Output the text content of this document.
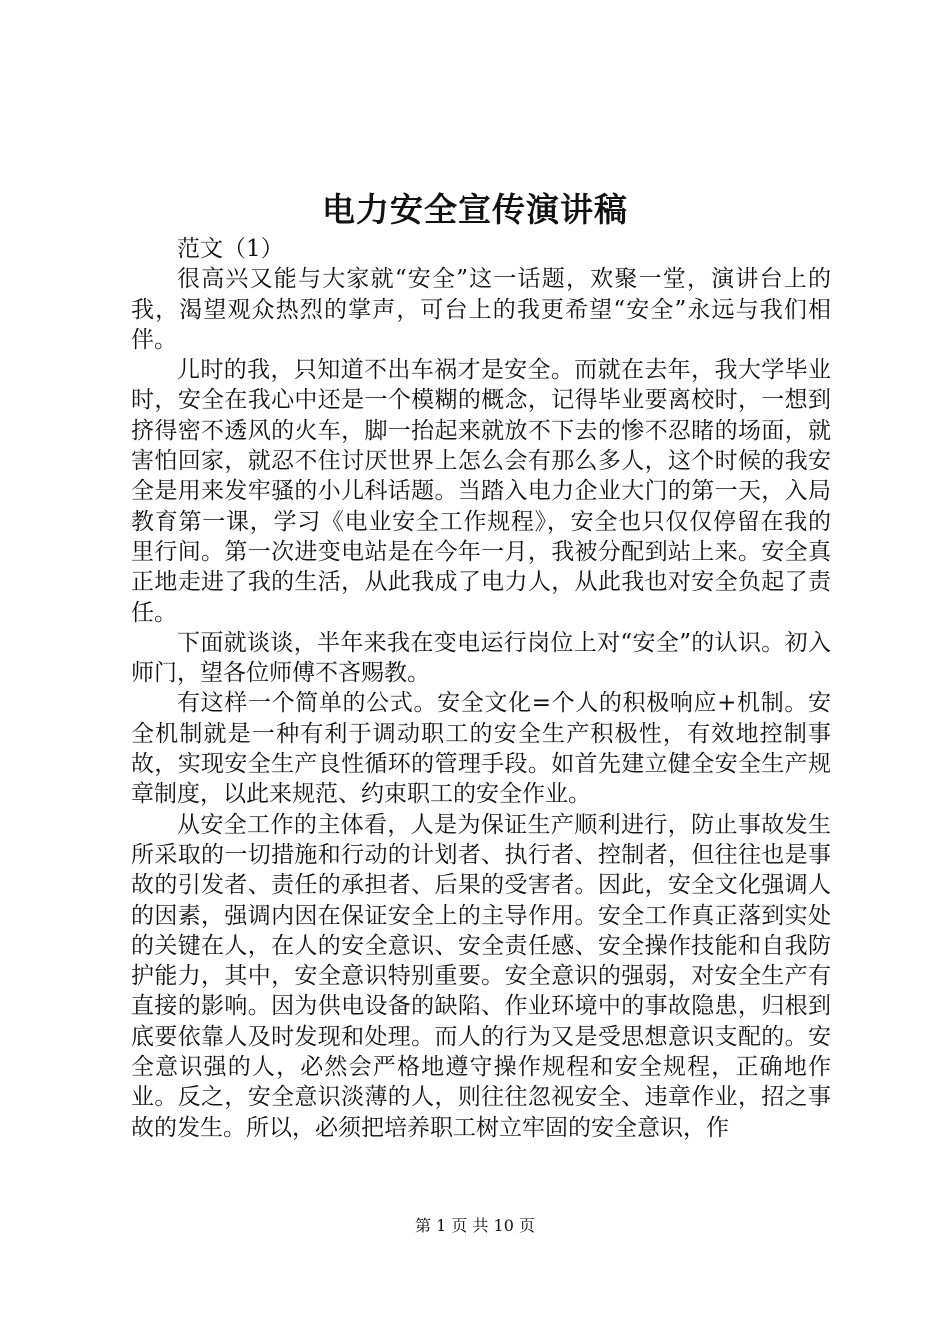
电力安全宣传演讲稿

范文（1）

很高兴又能与大家就“安全”这一话题，欢聚一堂，演讲台上的我，渴望观众热烈的掌声，可台上的我更希望“安全”永远与我们相伴。

儿时的我，只知道不出车祸才是安全。而就在去年，我大学毕业时，安全在我心中还是一个模糊的概念，记得毕业要离校时，一想到挤得密不透风的火车，脚一抬起来就放不下去的惨不忍睹的场面，就害怕回家，就忍不住讨厌世界上怎么会有那么多人，这个时候的我安全是用来发牢骚的小儿科话题。当踏入电力企业大门的第一天，入局教育第一课，学习《电业安全工作规程》，安全也只仅仅停留在我的里行间。第一次进变电站是在今年一月，我被分配到站上来。安全真正地走进了我的生活，从此我成了电力人，从此我也对安全负起了责任。

下面就谈谈，半年来我在变电运行岗位上对“安全”的认识。初入师门，望各位师傅不吝赐教。

有这样一个简单的公式。安全文化=个人的积极响应+机制。安全机制就是一种有利于调动职工的安全生产积极性，有效地控制事故，实现安全生产良性循环的管理手段。如首先建立健全安全生产规章制度，以此来规范、约束职工的安全作业。

从安全工作的主体看，人是为保证生产顺利进行，防止事故发生所采取的一切措施和行动的计划者、执行者、控制者，但往往也是事故的引发者、责任的承担者、后果的受害者。因此，安全文化强调人的因素，强调内因在保证安全上的主导作用。安全工作真正落到实处的关键在人，在人的安全意识、安全责任感、安全操作技能和自我防护能力，其中，安全意识特别重要。安全意识的强弱，对安全生产有直接的影响。因为供电设备的缺陷、作业环境中的事故隐患，归根到底要依靠人及时发现和处理。而人的行为又是受思想意识支配的。安全意识强的人，必然会严格地遵守操作规程和安全规程，正确地作业。反之，安全意识淡薄的人，则往往忽视安全、违章作业，招之事故的发生。所以，必须把培养职工树立牢固的安全意识，作

第 1 页 共 10 页
